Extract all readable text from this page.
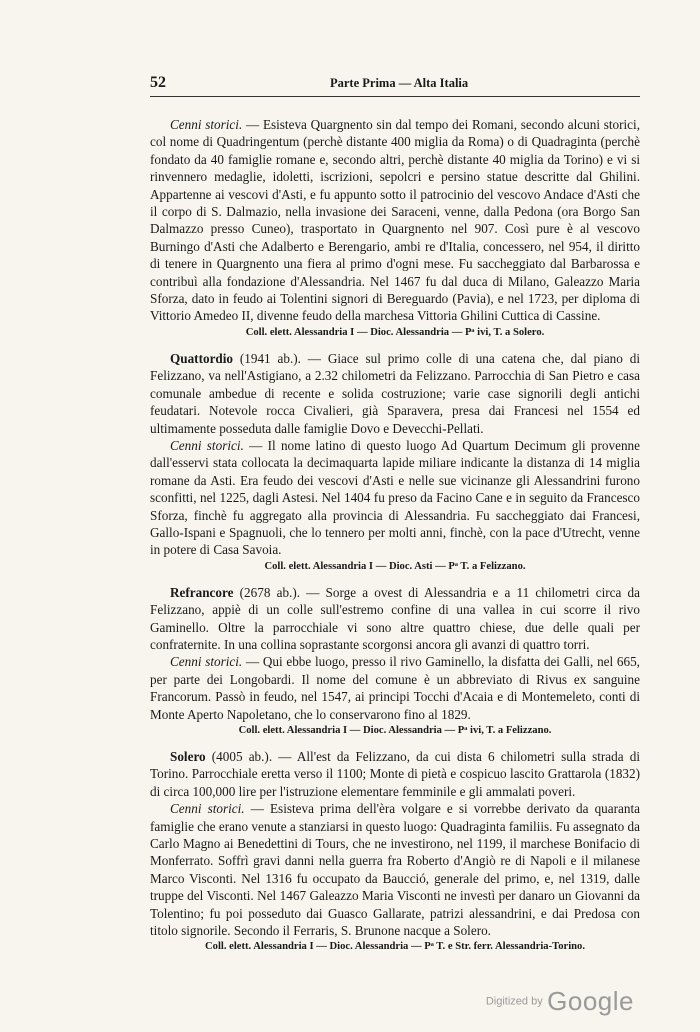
52	Parte Prima — Alta Italia

Cenni storici. — Esisteva Quargnento sin dal tempo dei Romani, secondo alcuni storici, col nome di Quadringentum (perchè distante 400 miglia da Roma) o di Quadraginta (perchè fondato da 40 famiglie romane e, secondo altri, perchè distante 40 miglia da Torino) e vi si rinvennero medaglie, idoletti, iscrizioni, sepolcri e persino statue descritte dal Ghilini. Appartenne ai vescovi d'Asti, e fu appunto sotto il patrocinio del vescovo Andace d'Asti che il corpo di S. Dalmazio, nella invasione dei Saraceni, venne, dalla Pedona (ora Borgo San Dalmazzo presso Cuneo), trasportato in Quargnento nel 907. Così pure è al vescovo Burningo d'Asti che Adalberto e Berengario, ambi re d'Italia, concessero, nel 954, il diritto di tenere in Quargnento una fiera al primo d'ogni mese. Fu saccheggiato dal Barbarossa e contribuì alla fondazione d'Alessandria. Nel 1467 fu dal duca di Milano, Galeazzo Maria Sforza, dato in feudo ai Tolentini signori di Bereguardo (Pavia), e nel 1723, per diploma di Vittorio Amedeo II, divenne feudo della marchesa Vittoria Ghilini Cuttica di Cassine.

Coll. elett. Alessandria I — Dioc. Alessandria — Pᵃ ivi, T. a Solero.

Quattordio (1941 ab.). — Giace sul primo colle di una catena che, dal piano di Felizzano, va nell'Astigiano, a 2.32 chilometri da Felizzano. Parrocchia di San Pietro e casa comunale ambedue di recente e solida costruzione; varie case signorili degli antichi feudatari. Notevole rocca Civalieri, già Sparavera, presa dai Francesi nel 1554 ed ultimamente posseduta dalle famiglie Dovo e Devecchi-Pellati.

Cenni storici. — Il nome latino di questo luogo Ad Quartum Decimum gli provenne dall'esservi stata collocata la decimaquarta lapide miliare indicante la distanza di 14 miglia romane da Asti. Era feudo dei vescovi d'Asti e nelle sue vicinanze gli Alessandrini furono sconfitti, nel 1225, dagli Astesi. Nel 1404 fu preso da Facino Cane e in seguito da Francesco Sforza, finchè fu aggregato alla provincia di Alessandria. Fu saccheggiato dai Francesi, Gallo-Ispani e Spagnuoli, che lo tennero per molti anni, finchè, con la pace d'Utrecht, venne in potere di Casa Savoia.

Coll. elett. Alessandria I — Dioc. Asti — Pᵃ T. a Felizzano.

Refrancore (2678 ab.). — Sorge a ovest di Alessandria e a 11 chilometri circa da Felizzano, appiè di un colle sull'estremo confine di una vallea in cui scorre il rivo Gaminello. Oltre la parrocchiale vi sono altre quattro chiese, due delle quali per confraternite. In una collina soprastante scorgonsi ancora gli avanzi di quattro torri.

Cenni storici. — Qui ebbe luogo, presso il rivo Gaminello, la disfatta dei Galli, nel 665, per parte dei Longobardi. Il nome del comune è un abbreviato di Rivus ex sanguine Francorum. Passò in feudo, nel 1547, ai principi Tocchi d'Acaia e di Montemeleto, conti di Monte Aperto Napoletano, che lo conservarono fino al 1829.

Coll. elett. Alessandria I — Dioc. Alessandria — Pᵃ ivi, T. a Felizzano.

Solero (4005 ab.). — All'est da Felizzano, da cui dista 6 chilometri sulla strada di Torino. Parrocchiale eretta verso il 1100; Monte di pietà e cospicuo lascito Grattarola (1832) di circa 100,000 lire per l'istruzione elementare femminile e gli ammalati poveri.

Cenni storici. — Esisteva prima dell'èra volgare e si vorrebbe derivato da quaranta famiglie che erano venute a stanziarsi in questo luogo: Quadraginta familiis. Fu assegnato da Carlo Magno ai Benedettini di Tours, che ne investirono, nel 1199, il marchese Bonifacio di Monferrato. Soffrì gravi danni nella guerra fra Roberto d'Angiò re di Napoli e il milanese Marco Visconti. Nel 1316 fu occupato da Baucció, generale del primo, e, nel 1319, dalle truppe del Visconti. Nel 1467 Galeazzo Maria Visconti ne investì per danaro un Giovanni da Tolentino; fu poi posseduto dai Guasco Gallarate, patrizi alessandrini, e dai Predosa con titolo signorile. Secondo il Ferraris, S. Brunone nacque a Solero.

Coll. elett. Alessandria I — Dioc. Alessandria — Pᵃ T. e Str. ferr. Alessandria-Torino.
Digitized by Google
